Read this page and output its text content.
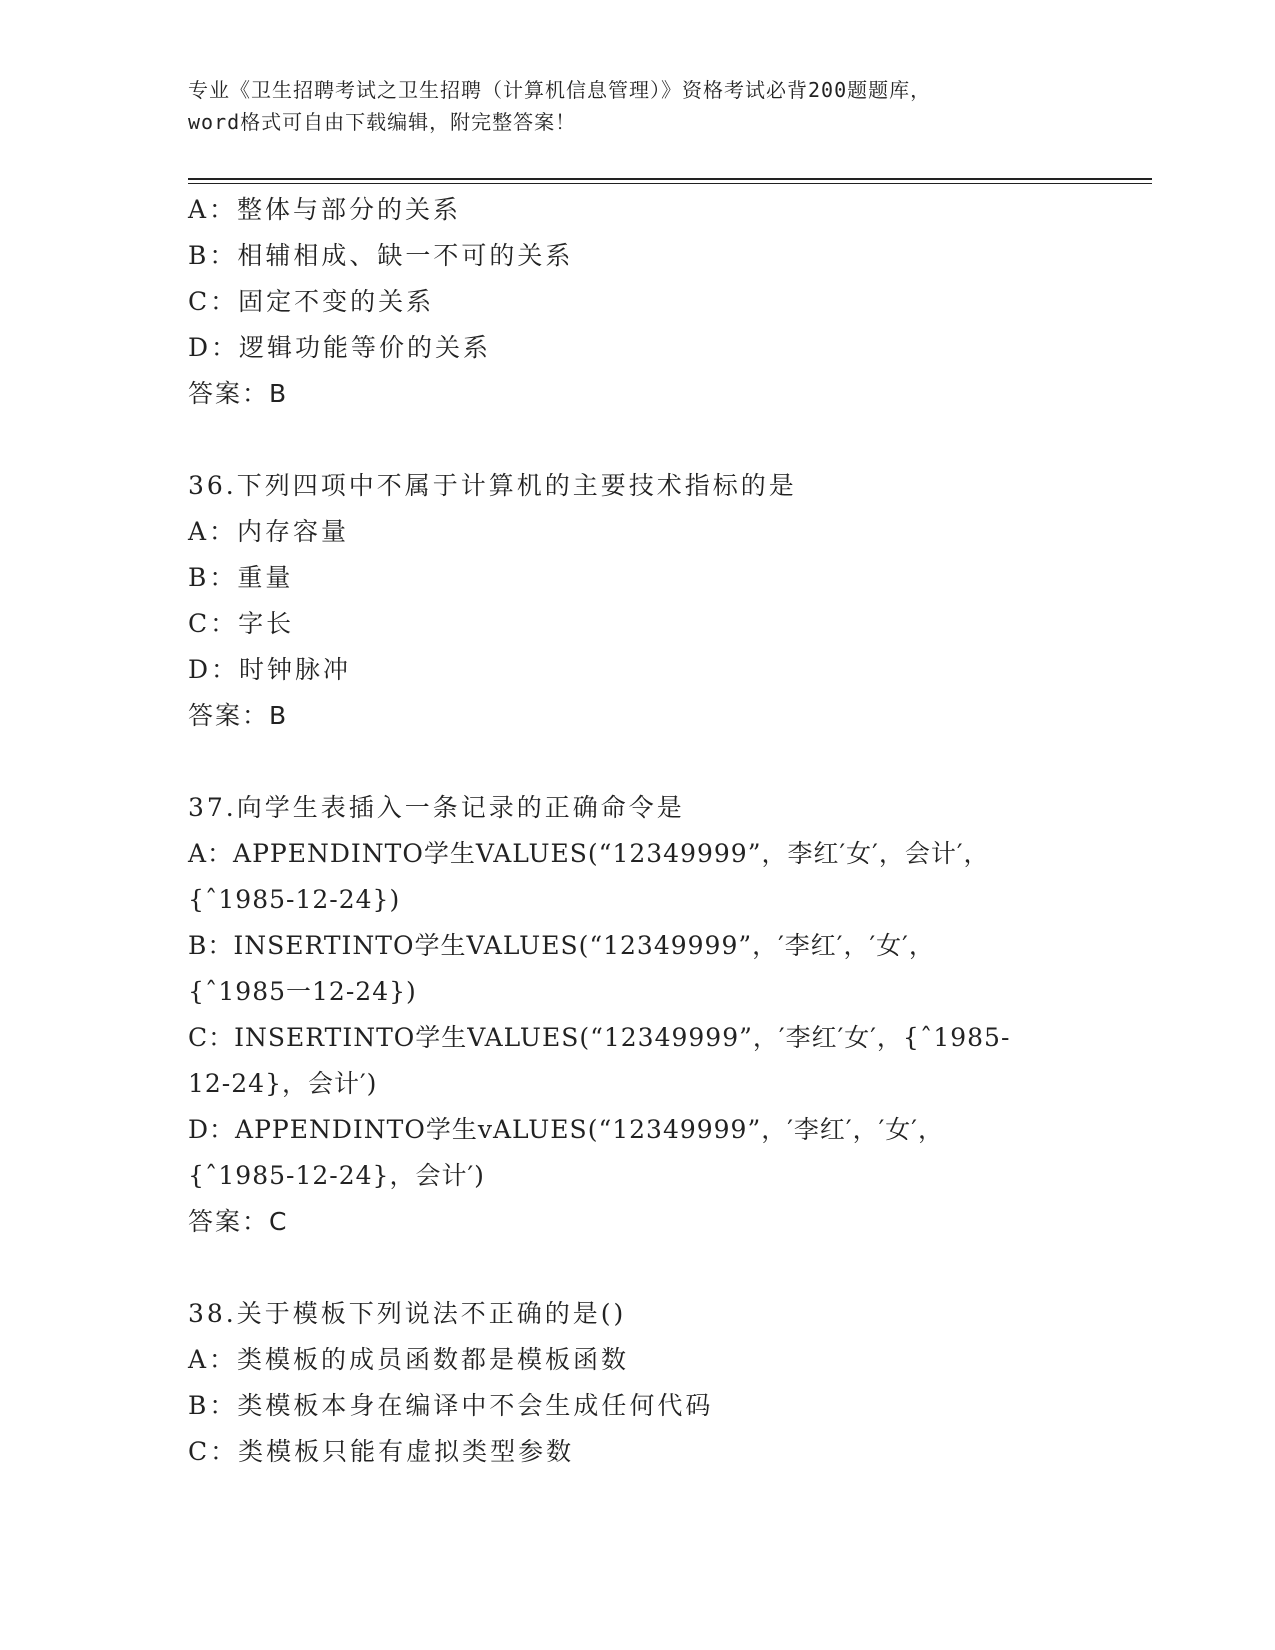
专业《卫生招聘考试之卫生招聘（计算机信息管理）》资格考试必背200题题库，
word格式可自由下载编辑，附完整答案！
A：整体与部分的关系
B：相辅相成、缺一不可的关系
C：固定不变的关系
D：逻辑功能等价的关系
答案：B
36.下列四项中不属于计算机的主要技术指标的是
A：内存容量
B：重量
C：字长
D：时钟脉冲
答案：B
37.向学生表插入一条记录的正确命令是
A：APPENDINTO学生VALUES(“12349999”，李红′女′，会计′，
{ˆ1985-12-24})
B：INSERTINTO学生VALUES(“12349999”，′李红′，′女′，
{ˆ1985一12-24})
C：INSERTINTO学生VALUES(“12349999”，′李红′女′，{ˆ1985-
12-24}，会计′)
D：APPENDINTO学生vALUES(“12349999”，′李红′，′女′，
{ˆ1985-12-24}，会计′)
答案：C
38.关于模板下列说法不正确的是()
A：类模板的成员函数都是模板函数
B：类模板本身在编译中不会生成任何代码
C：类模板只能有虚拟类型参数
